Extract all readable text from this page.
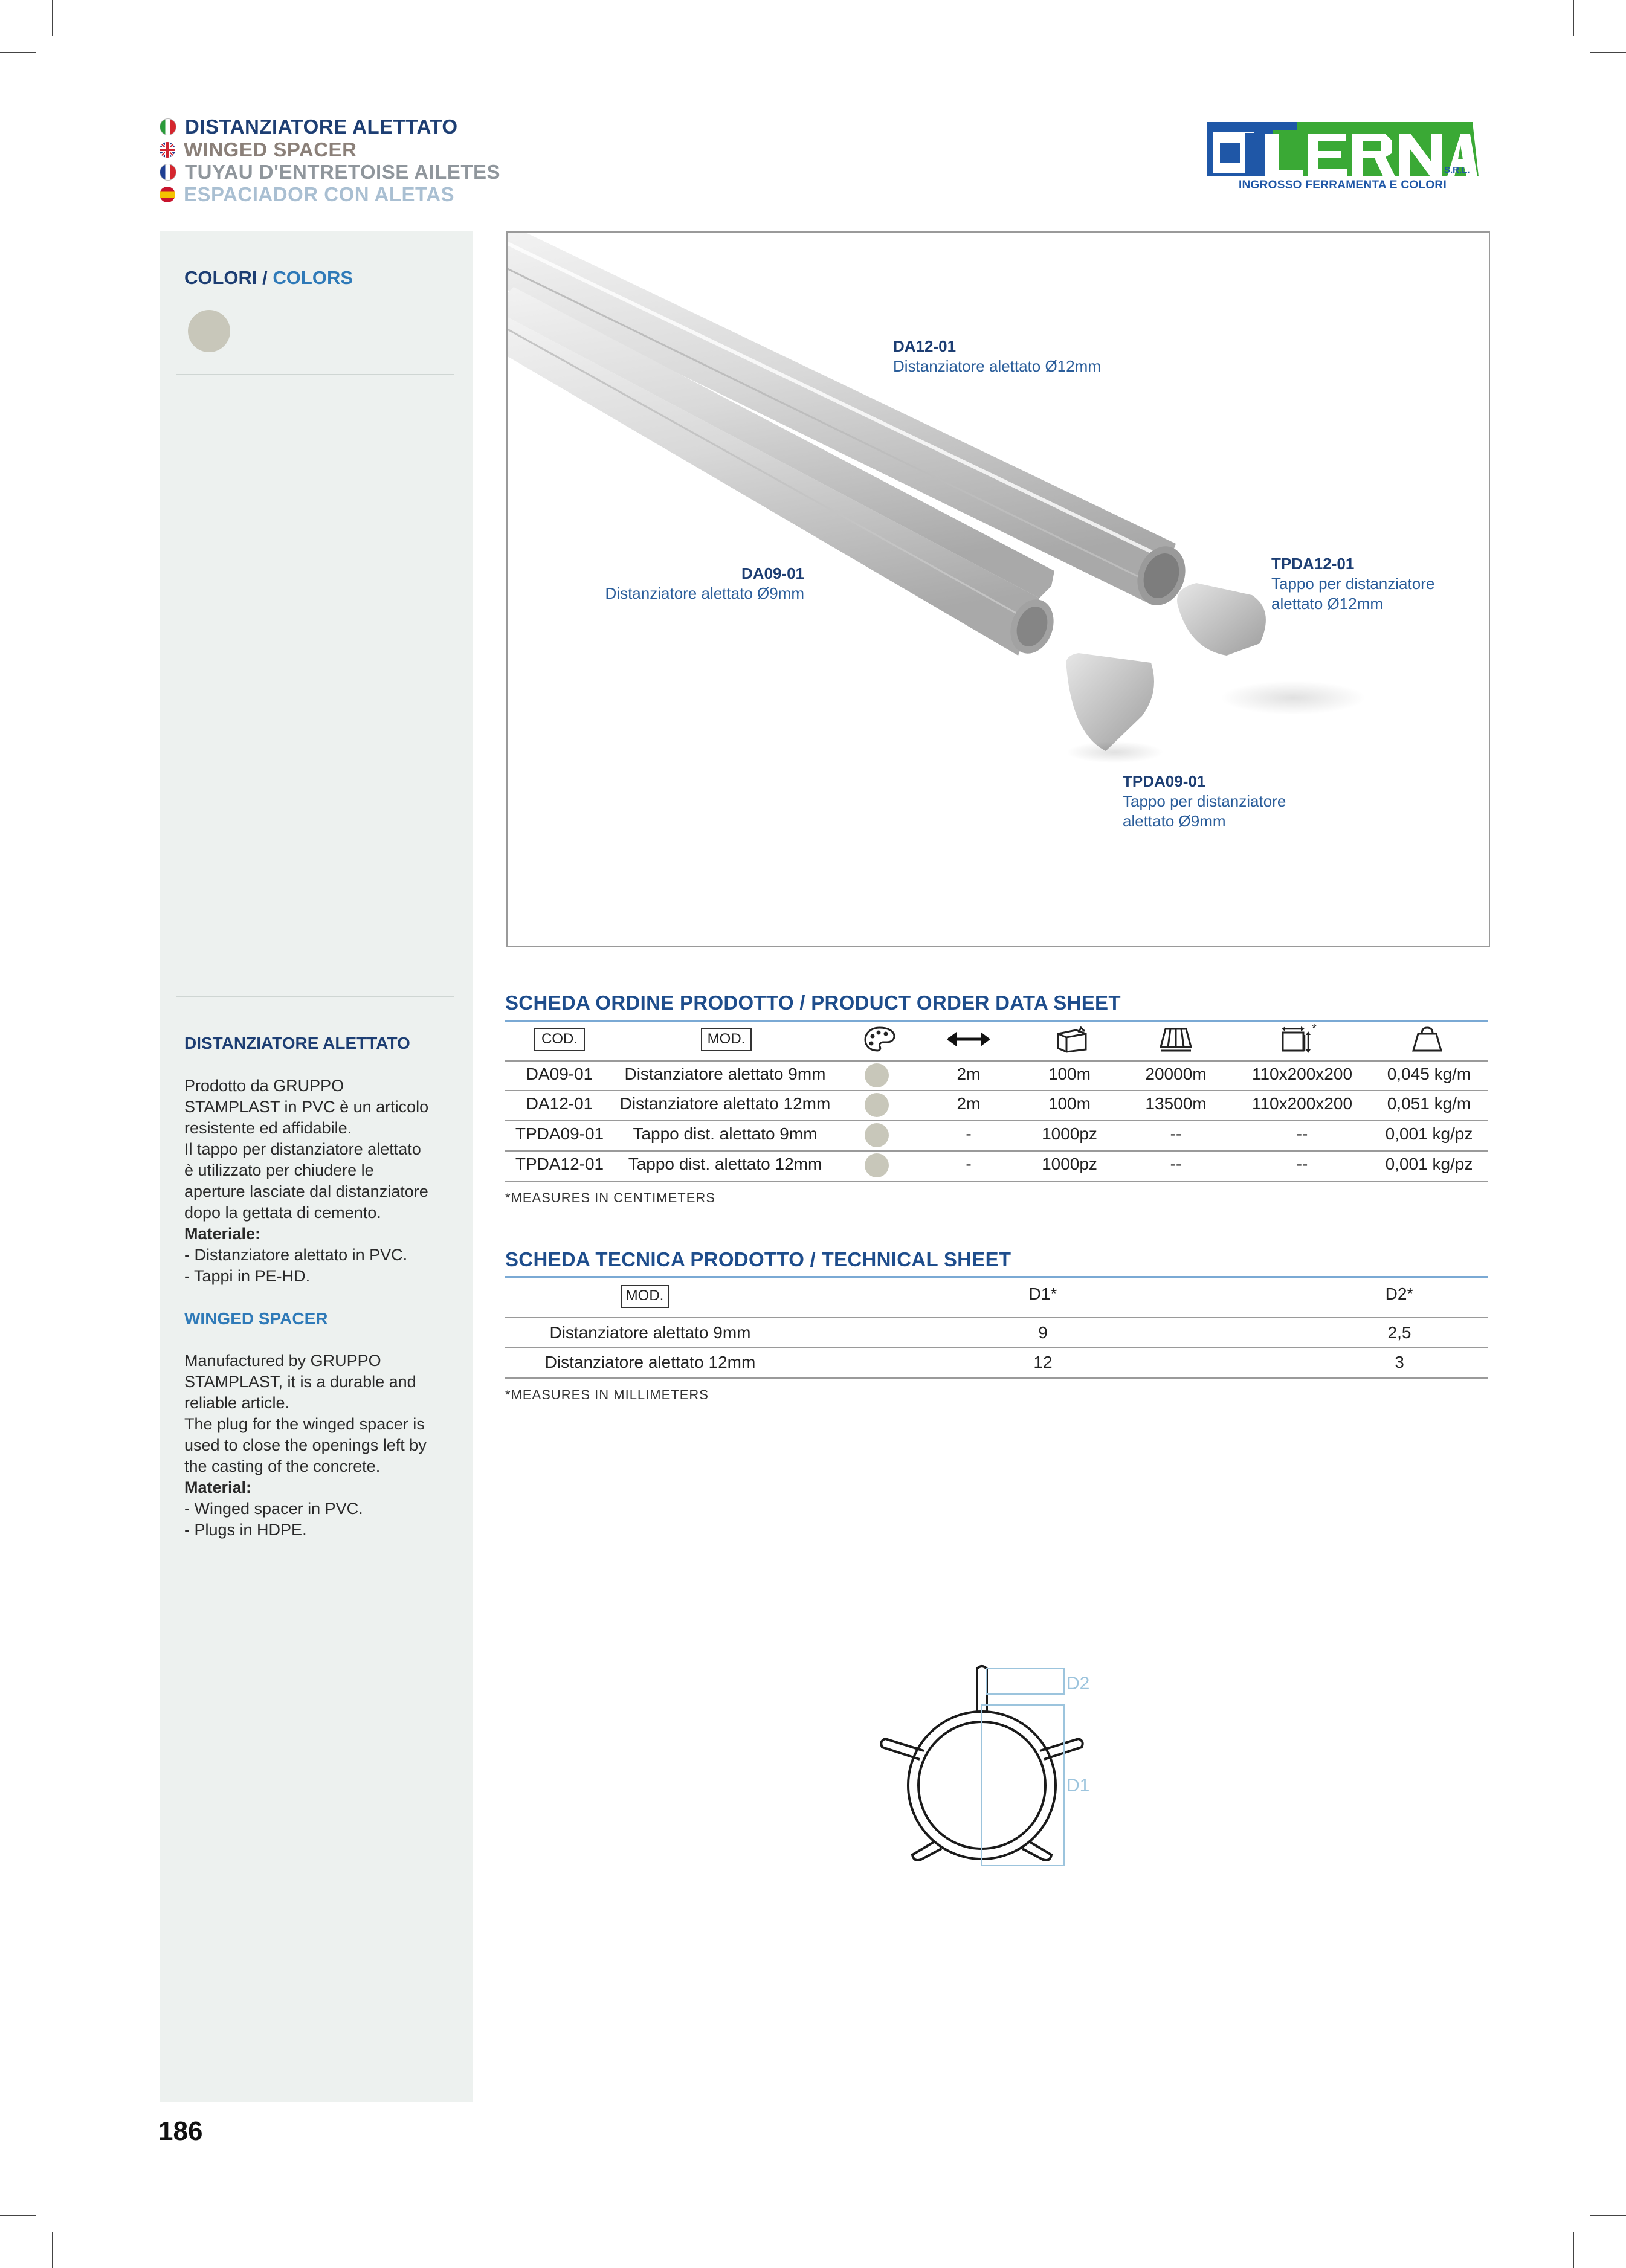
DISTANZIATORE ALETTATO
WINGED SPACER
TUYAU D'ENTRETOISE AILETES
ESPACIADOR CON ALETAS
S.R.L.
INGROSSO FERRAMENTA E COLORI
COLORI / COLORS
DISTANZIATORE ALETTATO
Prodotto da GRUPPO
STAMPLAST in PVC è un articolo
resistente ed affidabile.
Il tappo per distanziatore alettato
è utilizzato per chiudere le
aperture lasciate dal distanziatore
dopo la gettata di cemento.
Materiale:
- Distanziatore alettato in PVC.
- Tappi in PE-HD.
WINGED SPACER
Manufactured by GRUPPO
STAMPLAST, it is a durable and
reliable article.
The plug for the winged spacer is
used to close the openings left by
the casting of the concrete.
Material:
- Winged spacer in PVC.
- Plugs in HDPE.
DA12-01
Distanziatore alettato Ø12mm
DA09-01
Distanziatore alettato Ø9mm
TPDA12-01
Tappo per distanziatore
alettato Ø12mm
TPDA09-01
Tappo per distanziatore
alettato Ø9mm
SCHEDA ORDINE PRODOTTO / PRODUCT ORDER DATA SHEET
COD.	MOD.
*
DA09-01	Distanziatore alettato 9mm	2m	100m	20000m	110x200x200	0,045 kg/m
DA12-01	Distanziatore alettato 12mm	2m	100m	13500m	110x200x200	0,051 kg/m
TPDA09-01	Tappo dist. alettato 9mm	-	1000pz	--	--	0,001 kg/pz
TPDA12-01	Tappo dist. alettato 12mm	-	1000pz	--	--	0,001 kg/pz
*MEASURES IN CENTIMETERS
SCHEDA TECNICA PRODOTTO / TECHNICAL SHEET
MOD.	D1*	D2*
Distanziatore alettato 9mm	9	2,5
Distanziatore alettato 12mm	12	3
*MEASURES IN MILLIMETERS
D2
D1
186
